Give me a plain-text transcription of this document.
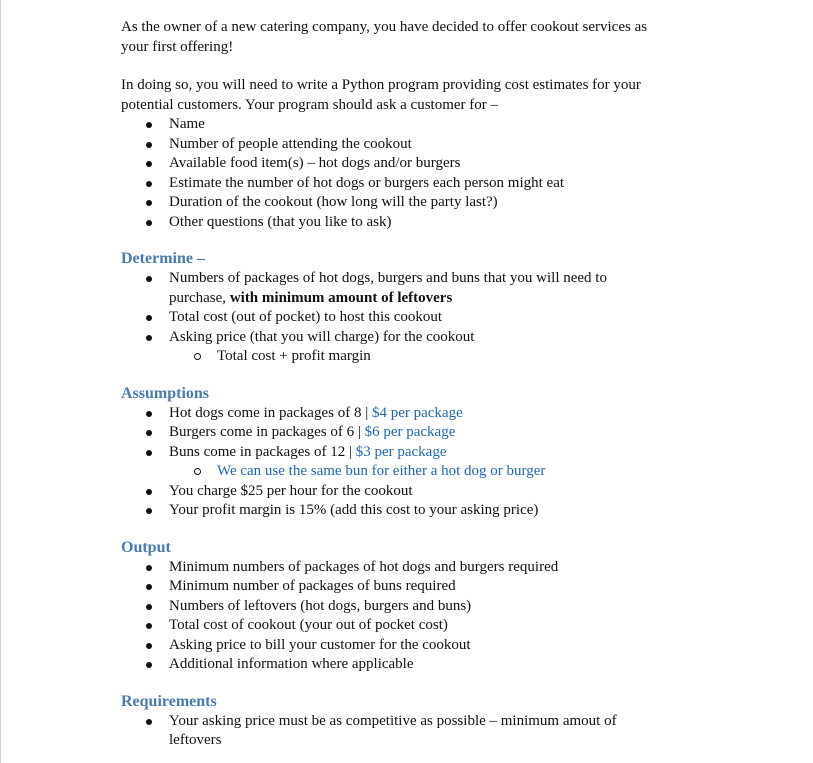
As the owner of a new catering company, you have decided to offer cookout services as
your first offering!

In doing so, you will need to write a Python program providing cost estimates for your
potential customers. Your program should ask a customer for –

Name
Number of people attending the cookout
Available food item(s) – hot dogs and/or burgers
Estimate the number of hot dogs or burgers each person might eat
Duration of the cookout (how long will the party last?)
Other questions (that you like to ask)
Determine –
Numbers of packages of hot dogs, burgers and buns that you will need to
purchase, with minimum amount of leftovers
Total cost (out of pocket) to host this cookout
Asking price (that you will charge) for the cookout
Total cost + profit margin
Assumptions
Hot dogs come in packages of 8 | $4 per package
Burgers come in packages of 6 | $6 per package
Buns come in packages of 12 | $3 per package
We can use the same bun for either a hot dog or burger
You charge $25 per hour for the cookout
Your profit margin is 15% (add this cost to your asking price)
Output
Minimum numbers of packages of hot dogs and burgers required
Minimum number of packages of buns required
Numbers of leftovers (hot dogs, burgers and buns)
Total cost of cookout (your out of pocket cost)
Asking price to bill your customer for the cookout
Additional information where applicable
Requirements
Your asking price must be as competitive as possible – minimum amout of
leftovers
